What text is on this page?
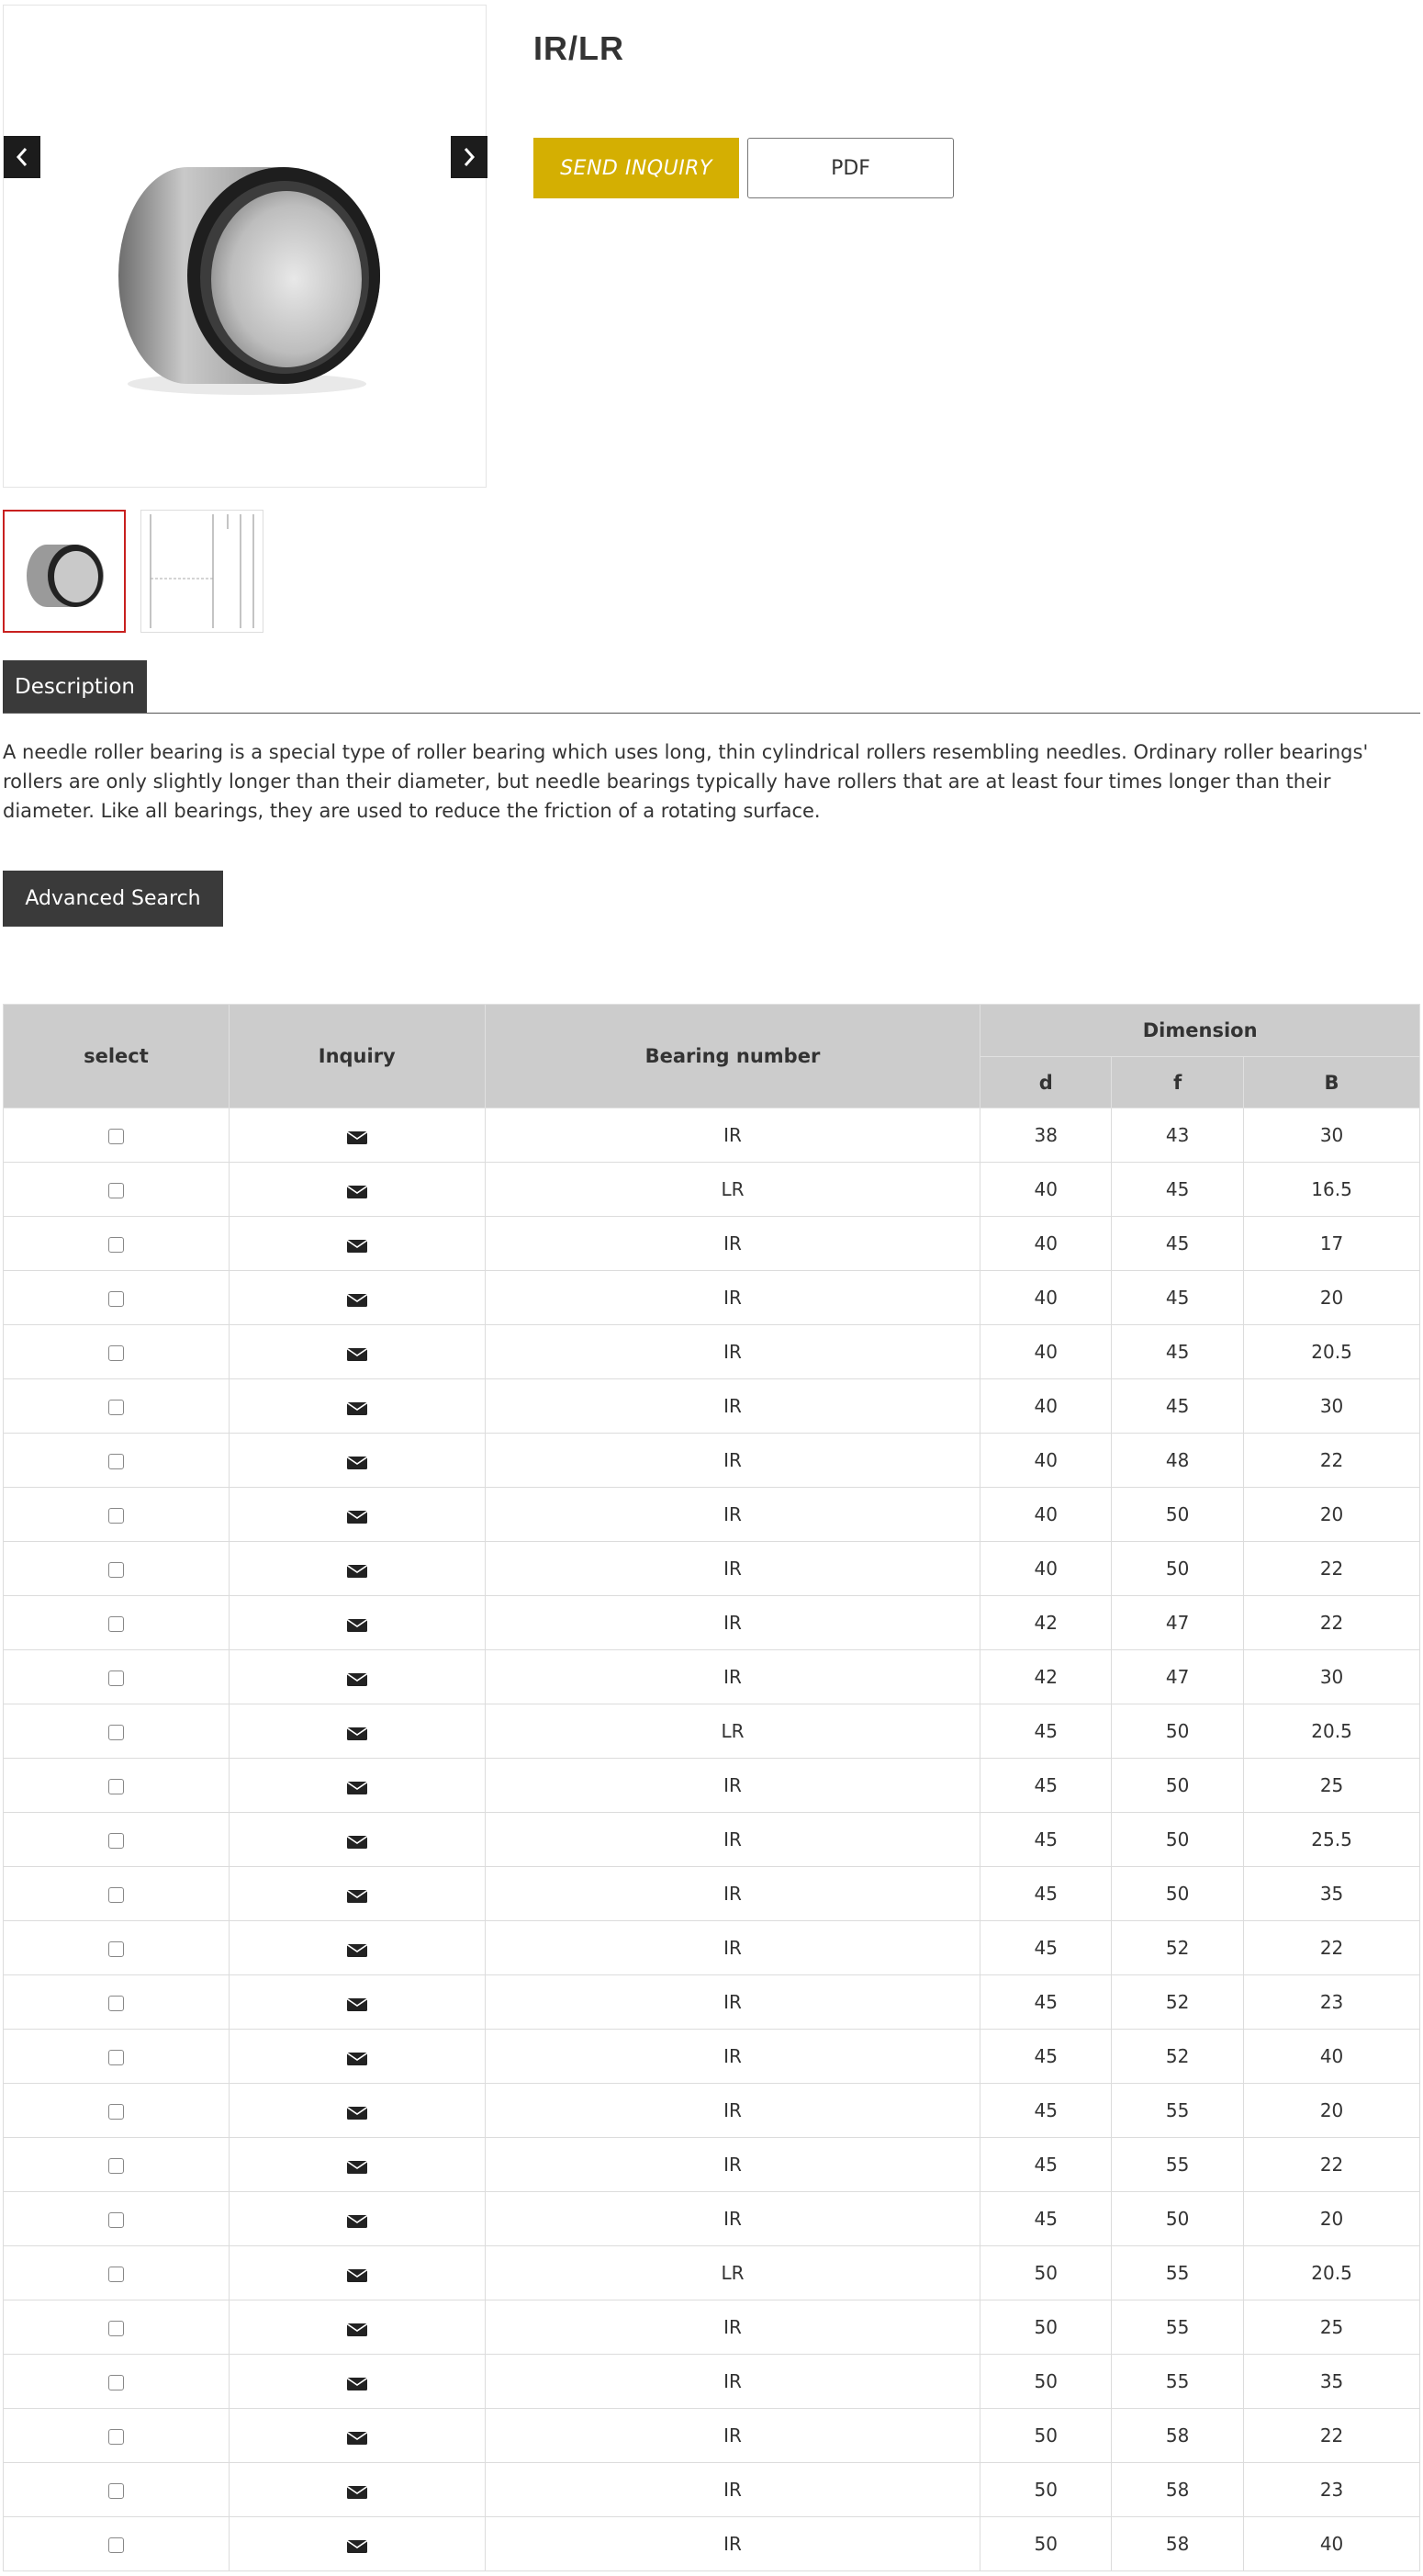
IR/LR
SEND INQUIRY	PDF
Description

A needle roller bearing is a special type of roller bearing which uses long, thin cylindrical rollers resembling needles. Ordinary roller bearings' rollers are only slightly longer than their diameter, but needle bearings typically have rollers that are at least four times longer than their diameter. Like all bearings, they are used to reduce the friction of a rotating surface.

Advanced Search
select	Inquiry	Bearing number	Dimension		
			d	f	B
		IR	38	43	30
		LR	40	45	16.5
		IR	40	45	17
		IR	40	45	20
		IR	40	45	20.5
		IR	40	45	30
		IR	40	48	22
		IR	40	50	20
		IR	40	50	22
		IR	42	47	22
		IR	42	47	30
		LR	45	50	20.5
		IR	45	50	25
		IR	45	50	25.5
		IR	45	50	35
		IR	45	52	22
		IR	45	52	23
		IR	45	52	40
		IR	45	55	20
		IR	45	55	22
		IR	45	50	20
		LR	50	55	20.5
		IR	50	55	25
		IR	50	55	35
		IR	50	58	22
		IR	50	58	23
		IR	50	58	40
